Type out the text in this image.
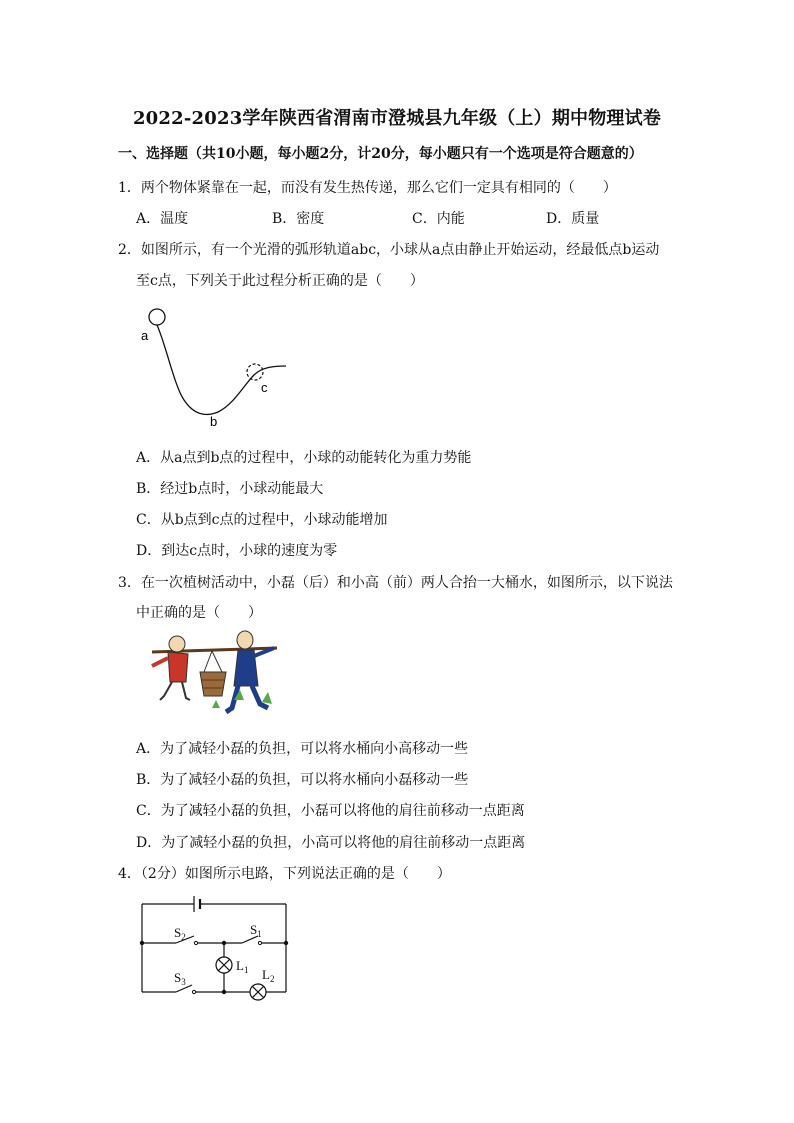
2022-2023学年陕西省渭南市澄城县九年级（上）期中物理试卷
一、选择题（共10小题，每小题2分，计20分，每小题只有一个选项是符合题意的）
1．两个物体紧靠在一起，而没有发生热传递，那么它们一定具有相同的（　　）
A．温度	B．密度	C．内能	D．质量
2．如图所示，有一个光滑的弧形轨道abc，小球从a点由静止开始运动，经最低点b运动
至c点，下列关于此过程分析正确的是（　　）
a
b
c
A．从a点到b点的过程中，小球的动能转化为重力势能
B．经过b点时，小球动能最大
C．从b点到c点的过程中，小球动能增加
D．到达c点时，小球的速度为零
3．在一次植树活动中，小磊（后）和小高（前）两人合抬一大桶水，如图所示，以下说法
中正确的是（　　）
A．为了减轻小磊的负担，可以将水桶向小高移动一些
B．为了减轻小磊的负担，可以将水桶向小磊移动一些
C．为了减轻小磊的负担，小磊可以将他的肩往前移动一点距离
D．为了减轻小磊的负担，小高可以将他的肩往前移动一点距离
4．（2分）如图所示电路，下列说法正确的是（　　）
$S_2$	$S_1$
$S_3$
$L_1$ $L_2$
